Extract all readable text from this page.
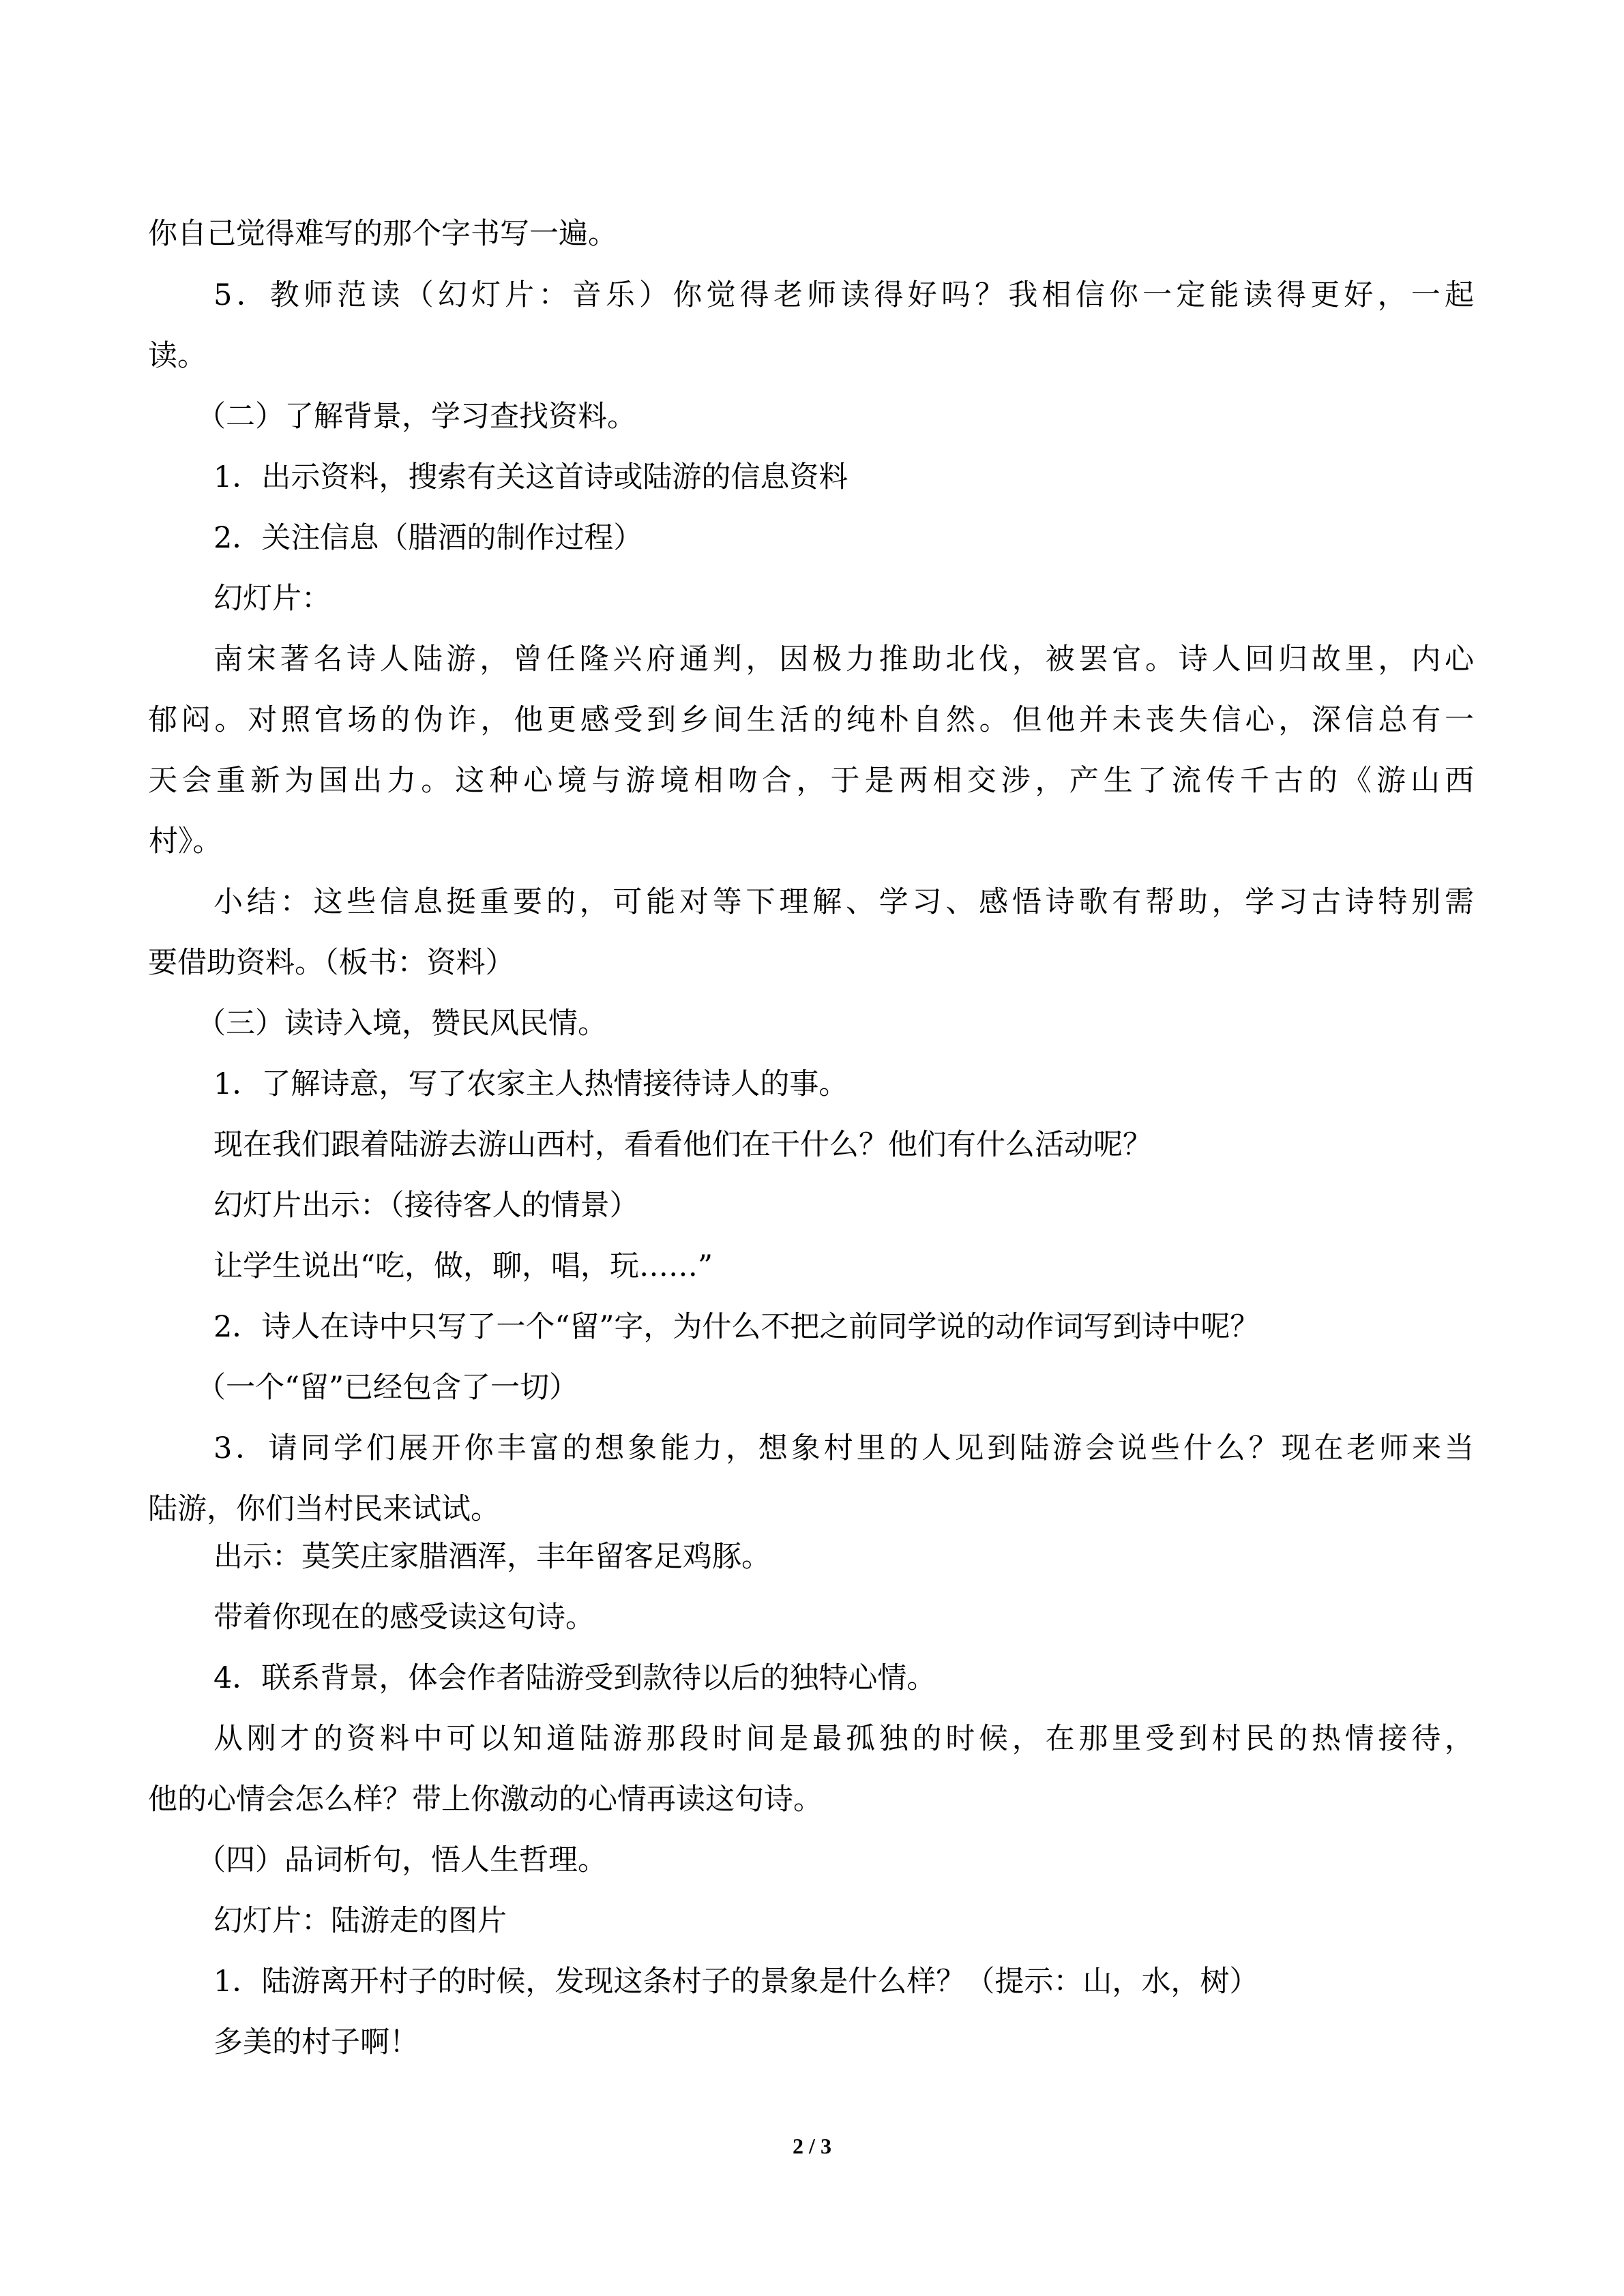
你自己觉得难写的那个字书写一遍。
5．教师范读（幻灯片：音乐）你觉得老师读得好吗？我相信你一定能读得更好，一起
读。
（二）了解背景，学习查找资料。
1．出示资料，搜索有关这首诗或陆游的信息资料
2．关注信息（腊酒的制作过程）
幻灯片：
南宋著名诗人陆游，曾任隆兴府通判，因极力推助北伐，被罢官。诗人回归故里，内心
郁闷。对照官场的伪诈，他更感受到乡间生活的纯朴自然。但他并未丧失信心，深信总有一
天会重新为国出力。这种心境与游境相吻合，于是两相交涉，产生了流传千古的《游山西
村》。
小结：这些信息挺重要的，可能对等下理解、学习、感悟诗歌有帮助，学习古诗特别需
要借助资料。（板书：资料）
（三）读诗入境，赞民风民情。
1．了解诗意，写了农家主人热情接待诗人的事。
现在我们跟着陆游去游山西村，看看他们在干什么？他们有什么活动呢？
幻灯片出示：（接待客人的情景）
让学生说出“吃，做，聊，唱，玩……”
2．诗人在诗中只写了一个“留”字，为什么不把之前同学说的动作词写到诗中呢？
（一个“留”已经包含了一切）
3．请同学们展开你丰富的想象能力，想象村里的人见到陆游会说些什么？现在老师来当
陆游，你们当村民来试试。
出示：莫笑庄家腊酒浑，丰年留客足鸡豚。
带着你现在的感受读这句诗。
4．联系背景，体会作者陆游受到款待以后的独特心情。
从刚才的资料中可以知道陆游那段时间是最孤独的时候，在那里受到村民的热情接待，
他的心情会怎么样？带上你激动的心情再读这句诗。
（四）品词析句，悟人生哲理。
幻灯片：陆游走的图片
1．陆游离开村子的时候，发现这条村子的景象是什么样？（提示：山，水，树）
多美的村子啊！
2 / 3
